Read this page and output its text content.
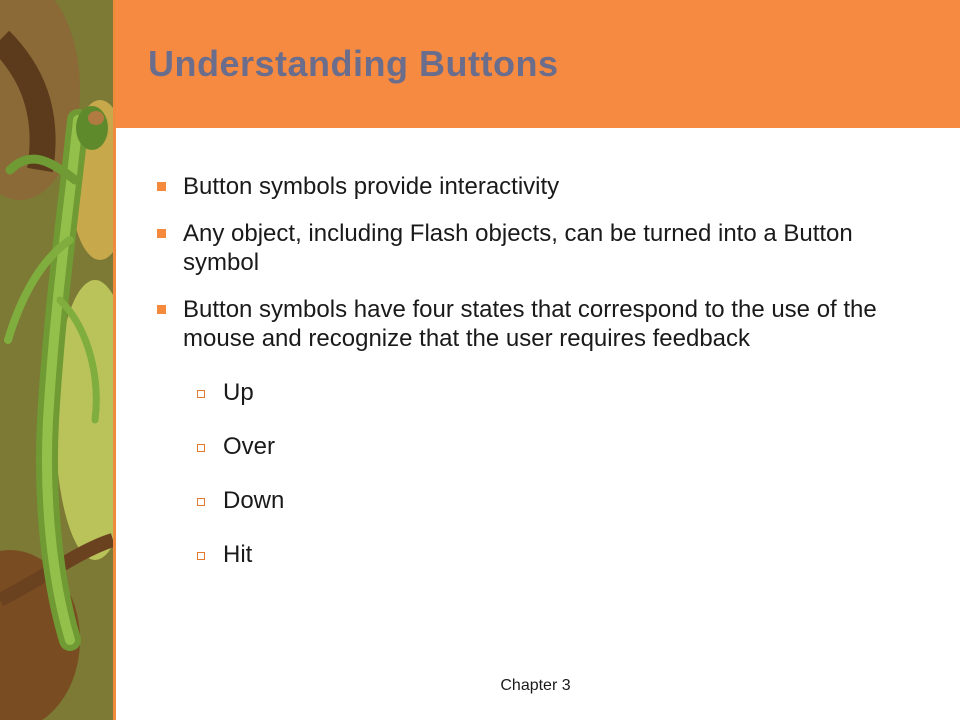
Understanding Buttons
Button symbols provide interactivity
Any object, including Flash objects, can be turned into a Button symbol
Button symbols have four states that correspond to the use of the mouse and recognize that the user requires feedback
Up
Over
Down
Hit
Chapter 3
